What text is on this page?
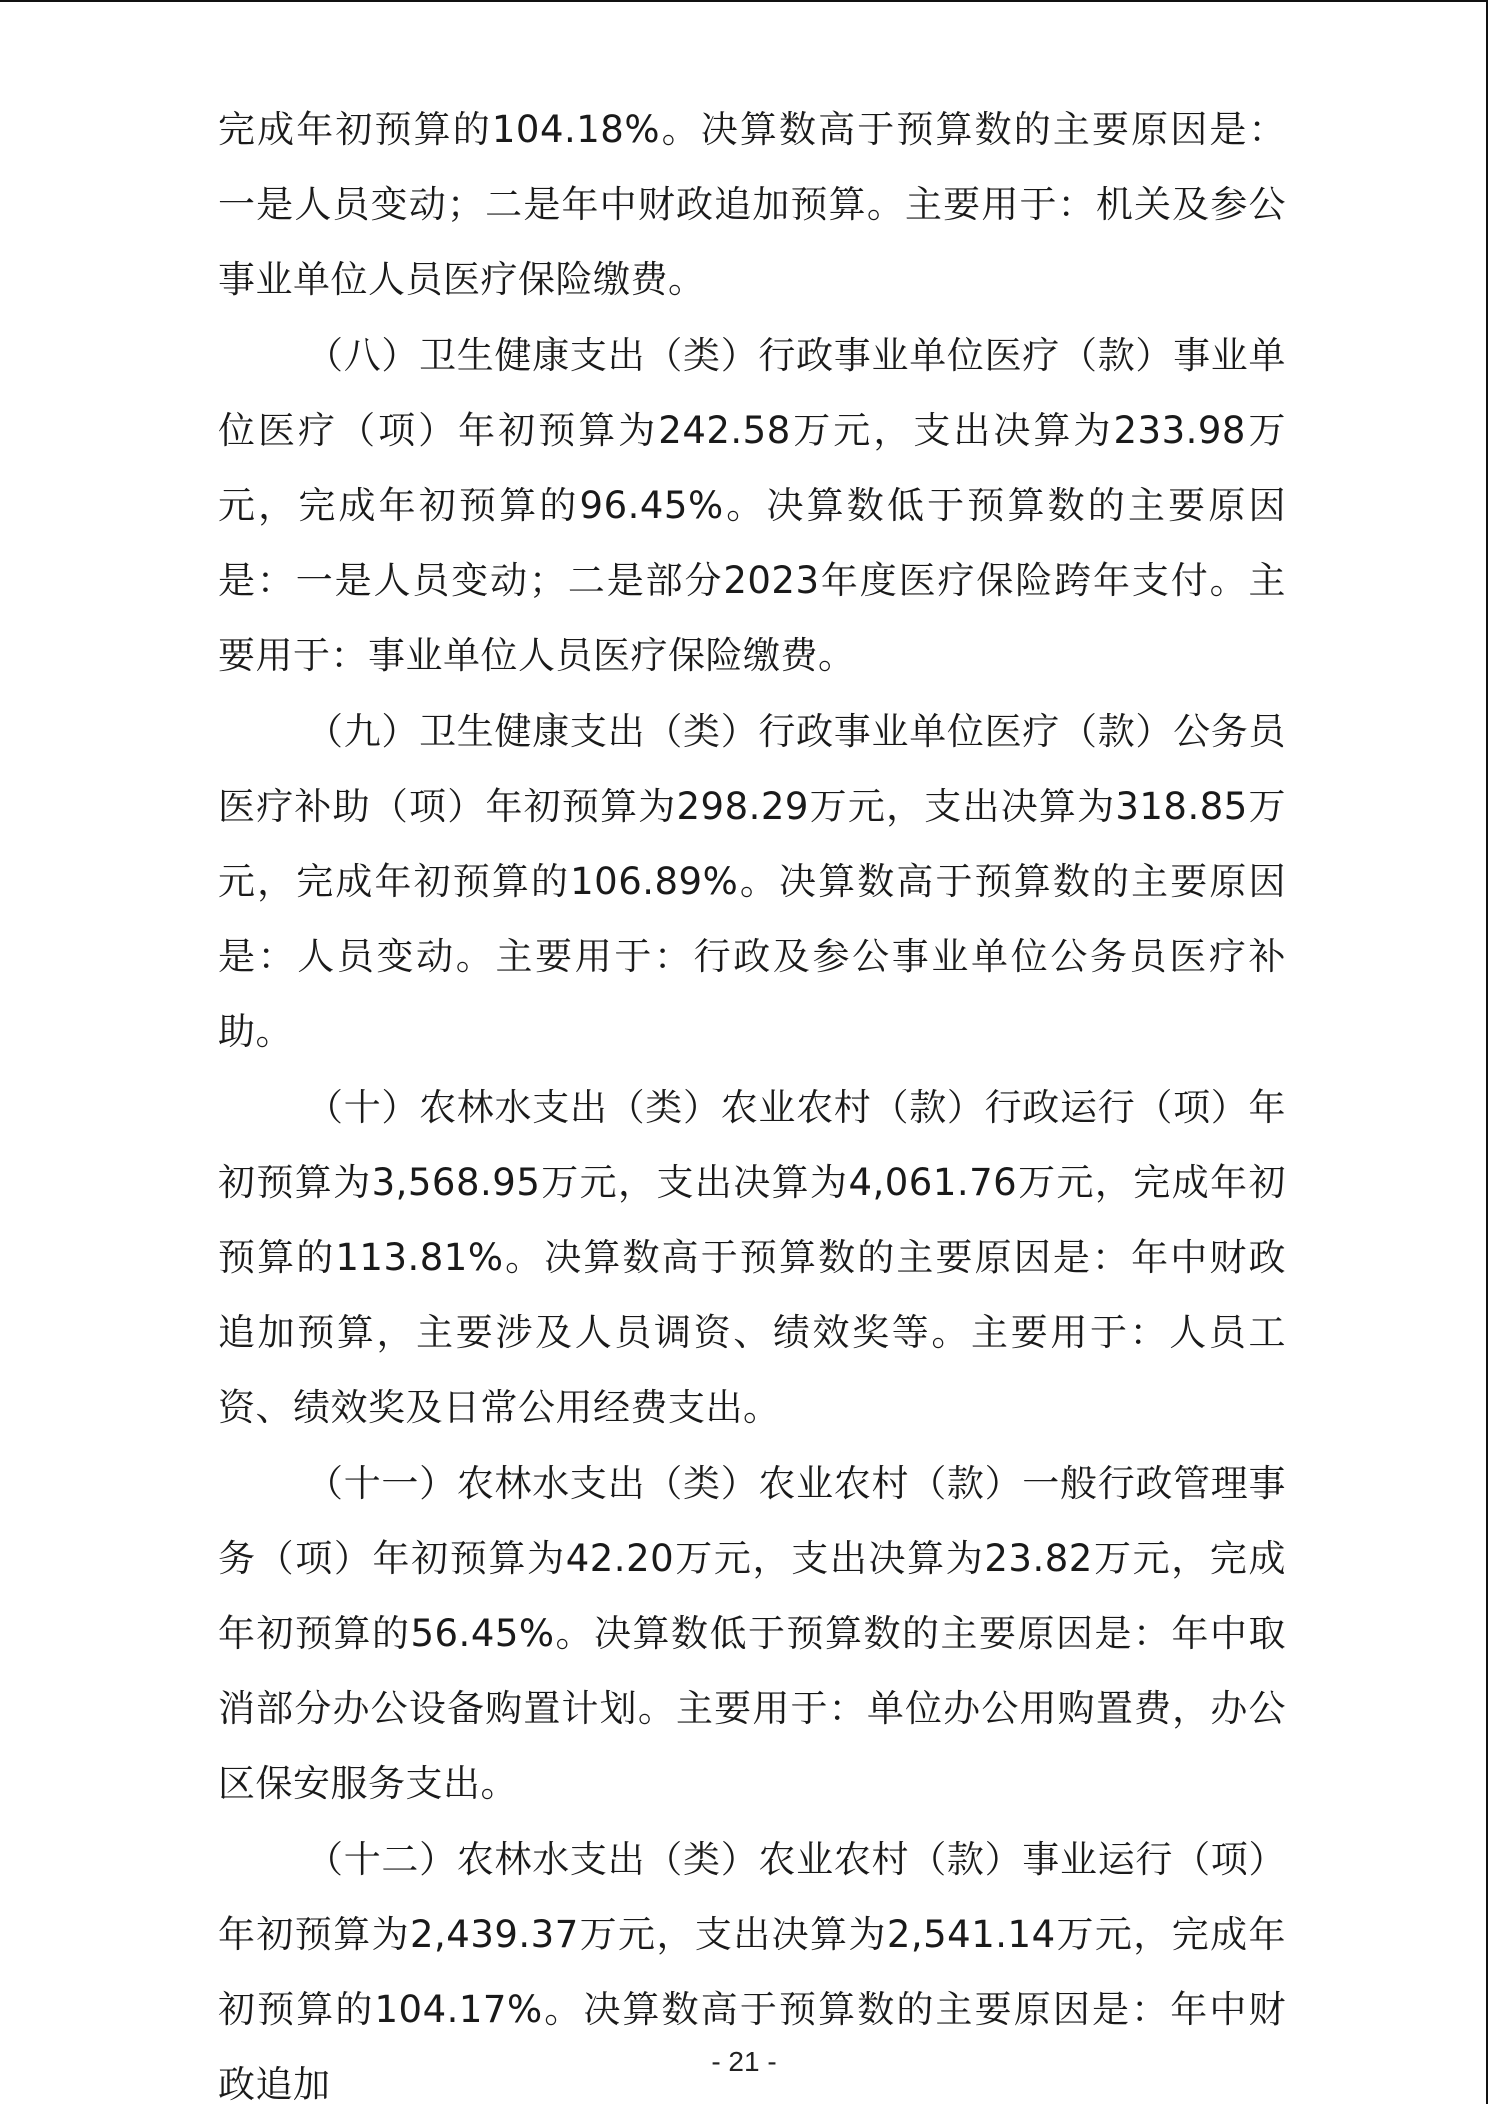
完成年初预算的104.18%。决算数高于预算数的主要原因是：一是人员变动；二是年中财政追加预算。主要用于：机关及参公事业单位人员医疗保险缴费。

（八）卫生健康支出（类）行政事业单位医疗（款）事业单位医疗（项）年初预算为242.58万元，支出决算为233.98万元，完成年初预算的96.45%。决算数低于预算数的主要原因是：一是人员变动；二是部分2023年度医疗保险跨年支付。主要用于：事业单位人员医疗保险缴费。

（九）卫生健康支出（类）行政事业单位医疗（款）公务员医疗补助（项）年初预算为298.29万元，支出决算为318.85万元，完成年初预算的106.89%。决算数高于预算数的主要原因是：人员变动。主要用于：行政及参公事业单位公务员医疗补助。

（十）农林水支出（类）农业农村（款）行政运行（项）年初预算为3,568.95万元，支出决算为4,061.76万元，完成年初预算的113.81%。决算数高于预算数的主要原因是：年中财政追加预算，主要涉及人员调资、绩效奖等。主要用于：人员工资、绩效奖及日常公用经费支出。

（十一）农林水支出（类）农业农村（款）一般行政管理事务（项）年初预算为42.20万元，支出决算为23.82万元，完成年初预算的56.45%。决算数低于预算数的主要原因是：年中取消部分办公设备购置计划。主要用于：单位办公用购置费，办公区保安服务支出。

（十二）农林水支出（类）农业农村（款）事业运行（项）年初预算为2,439.37万元，支出决算为2,541.14万元，完成年初预算的104.17%。决算数高于预算数的主要原因是：年中财政追加

- 21 -
